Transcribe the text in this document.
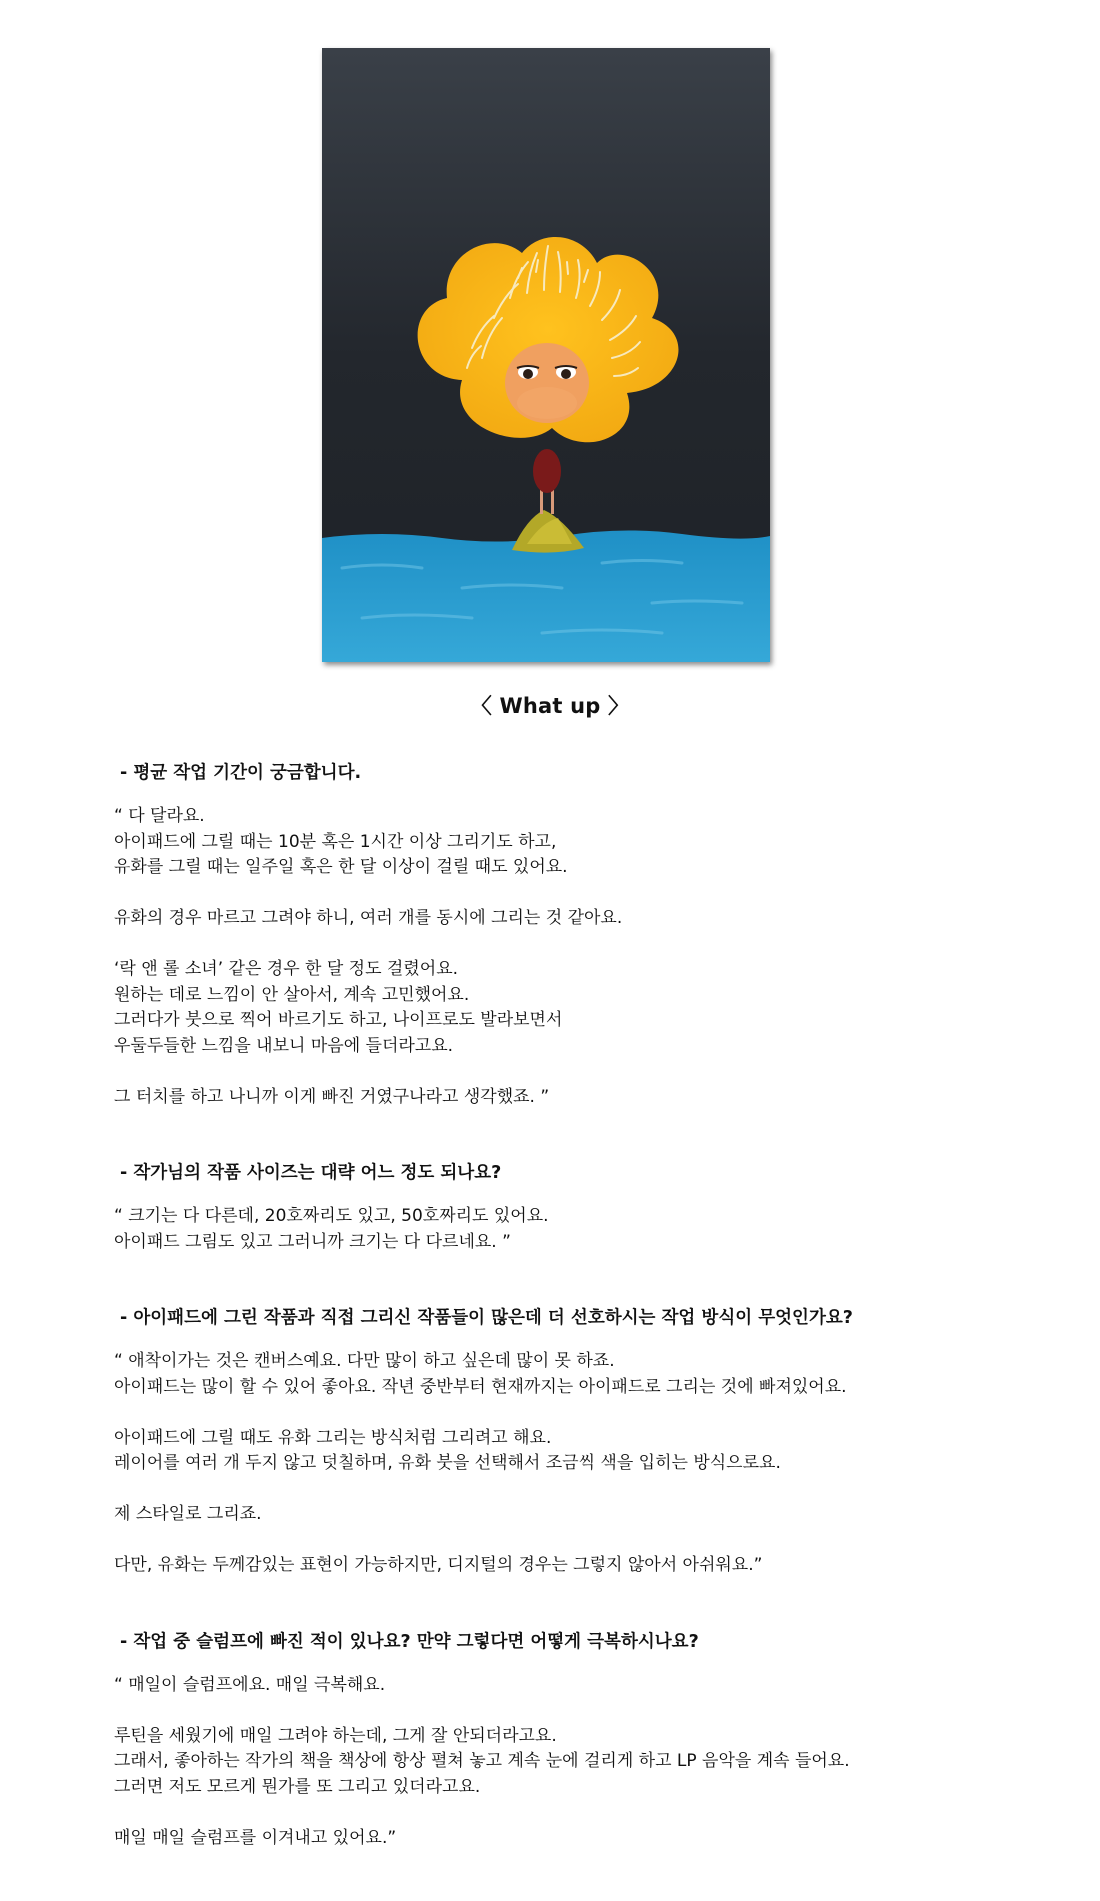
〈 What up 〉
- 평균 작업 기간이 궁금합니다.
“ 다 달라요.
아이패드에 그릴 때는 10분 혹은 1시간 이상 그리기도 하고,
유화를 그릴 때는 일주일 혹은 한 달 이상이 걸릴 때도 있어요.
유화의 경우 마르고 그려야 하니, 여러 개를 동시에 그리는 것 같아요.
‘락 앤 롤 소녀’ 같은 경우 한 달 정도 걸렸어요.
원하는 데로 느낌이 안 살아서, 계속 고민했어요.
그러다가 붓으로 찍어 바르기도 하고, 나이프로도 발라보면서
우둘두들한 느낌을 내보니 마음에 들더라고요.
그 터치를 하고 나니까 이게 빠진 거였구나라고 생각했죠. ”
- 작가님의 작품 사이즈는 대략 어느 정도 되나요?
“ 크기는 다 다른데, 20호짜리도 있고, 50호짜리도 있어요.
아이패드 그림도 있고 그러니까 크기는 다 다르네요. ”
- 아이패드에 그린 작품과 직접 그리신 작품들이 많은데 더 선호하시는 작업 방식이 무엇인가요?
“ 애착이가는 것은 캔버스예요. 다만 많이 하고 싶은데 많이 못 하죠.
아이패드는 많이 할 수 있어 좋아요. 작년 중반부터 현재까지는 아이패드로 그리는 것에 빠져있어요.
아이패드에 그릴 때도 유화 그리는 방식처럼 그리려고 해요.
레이어를 여러 개 두지 않고 덧칠하며, 유화 붓을 선택해서 조금씩 색을 입히는 방식으로요.
제 스타일로 그리죠.
다만, 유화는 두께감있는 표현이 가능하지만, 디지털의 경우는 그렇지 않아서 아쉬워요.”
- 작업 중 슬럼프에 빠진 적이 있나요? 만약 그렇다면 어떻게 극복하시나요?
“ 매일이 슬럼프에요. 매일 극복해요.
루틴을 세웠기에 매일 그려야 하는데, 그게 잘 안되더라고요.
그래서, 좋아하는 작가의 책을 책상에 항상 펼쳐 놓고 계속 눈에 걸리게 하고 LP 음악을 계속 들어요.
그러면 저도 모르게 뭔가를 또 그리고 있더라고요.
매일 매일 슬럼프를 이겨내고 있어요.”
